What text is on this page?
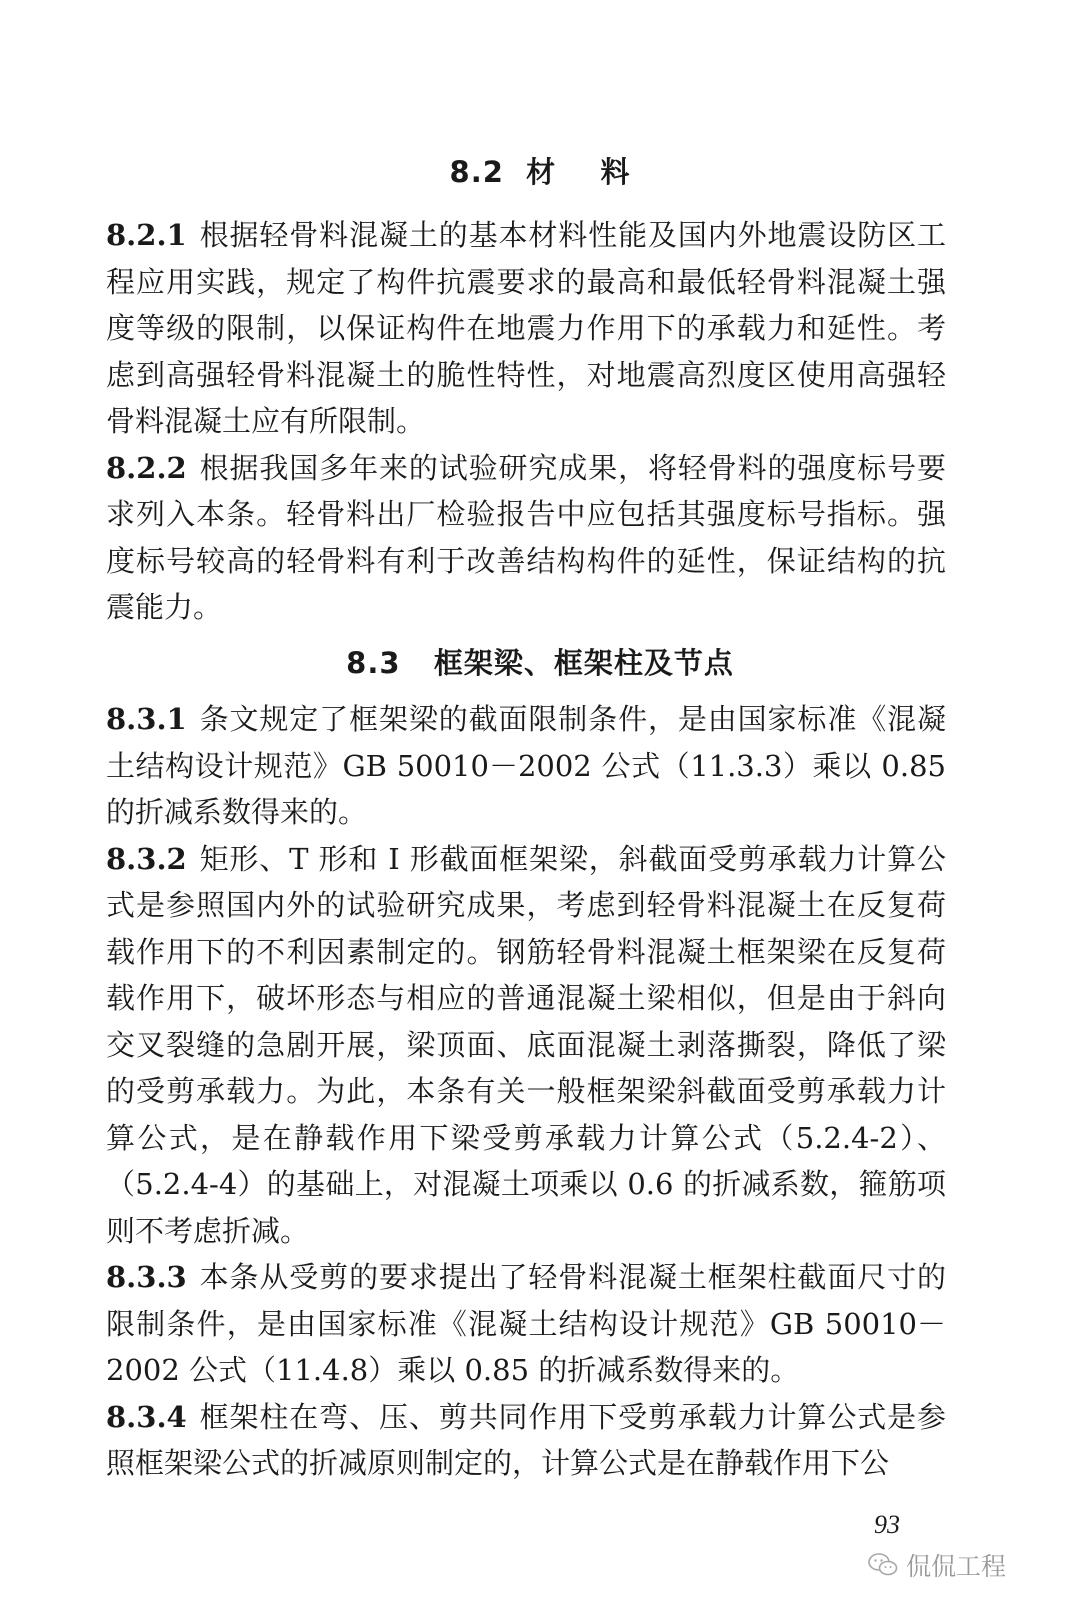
8.2  材    料

8.2.1 根据轻骨料混凝土的基本材料性能及国内外地震设防区工程应用实践，规定了构件抗震要求的最高和最低轻骨料混凝土强度等级的限制，以保证构件在地震力作用下的承载力和延性。考虑到高强轻骨料混凝土的脆性特性，对地震高烈度区使用高强轻骨料混凝土应有所限制。

8.2.2 根据我国多年来的试验研究成果，将轻骨料的强度标号要求列入本条。轻骨料出厂检验报告中应包括其强度标号指标。强度标号较高的轻骨料有利于改善结构构件的延性，保证结构的抗震能力。

8.3   框架梁、框架柱及节点

8.3.1 条文规定了框架梁的截面限制条件，是由国家标准《混凝土结构设计规范》GB 50010－2002 公式（11.3.3）乘以 0.85 的折减系数得来的。

8.3.2 矩形、T 形和 I 形截面框架梁，斜截面受剪承载力计算公式是参照国内外的试验研究成果，考虑到轻骨料混凝土在反复荷载作用下的不利因素制定的。钢筋轻骨料混凝土框架梁在反复荷载作用下，破坏形态与相应的普通混凝土梁相似，但是由于斜向交叉裂缝的急剧开展，梁顶面、底面混凝土剥落撕裂，降低了梁的受剪承载力。为此，本条有关一般框架梁斜截面受剪承载力计算公式，是在静载作用下梁受剪承载力计算公式（5.2.4-2）、（5.2.4-4）的基础上，对混凝土项乘以 0.6 的折减系数，箍筋项则不考虑折减。

8.3.3 本条从受剪的要求提出了轻骨料混凝土框架柱截面尺寸的限制条件，是由国家标准《混凝土结构设计规范》GB 50010－2002 公式（11.4.8）乘以 0.85 的折减系数得来的。

8.3.4 框架柱在弯、压、剪共同作用下受剪承载力计算公式是参照框架梁公式的折减原则制定的，计算公式是在静载作用下公

93
侃侃工程
